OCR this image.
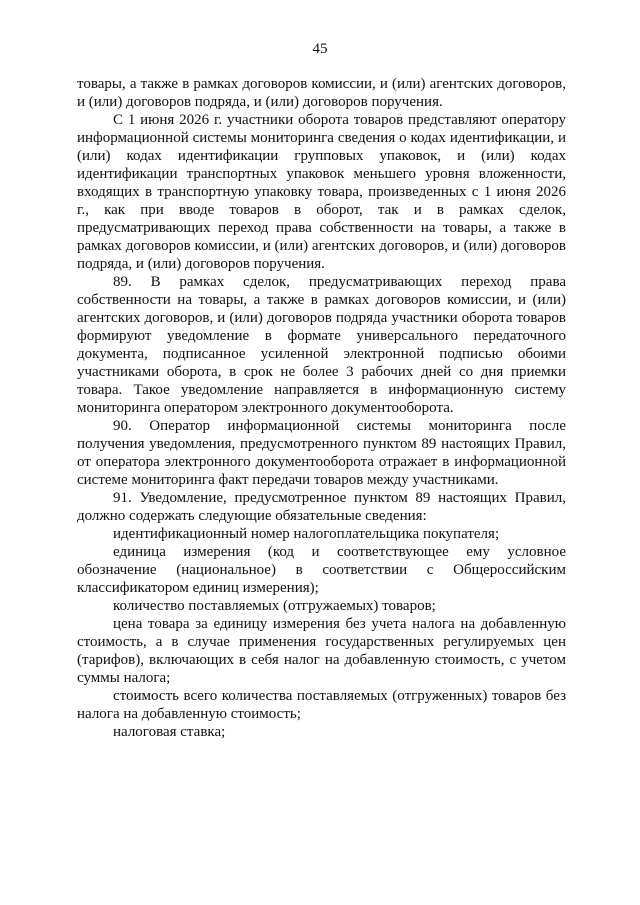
45

товары, а также в рамках договоров комиссии, и (или) агентских договоров, и (или) договоров подряда, и (или) договоров поручения.

С 1 июня 2026 г. участники оборота товаров представляют оператору информационной системы мониторинга сведения о кодах идентификации, и (или) кодах идентификации групповых упаковок, и (или) кодах идентификации транспортных упаковок меньшего уровня вложенности, входящих в транспортную упаковку товара, произведенных с 1 июня 2026 г., как при вводе товаров в оборот, так и в рамках сделок, предусматривающих переход права собственности на товары, а также в рамках договоров комиссии, и (или) агентских договоров, и (или) договоров подряда, и (или) договоров поручения.

89. В рамках сделок, предусматривающих переход права собственности на товары, а также в рамках договоров комиссии, и (или) агентских договоров, и (или) договоров подряда участники оборота товаров формируют уведомление в формате универсального передаточного документа, подписанное усиленной электронной подписью обоими участниками оборота, в срок не более 3 рабочих дней со дня приемки товара. Такое уведомление направляется в информационную систему мониторинга оператором электронного документооборота.

90. Оператор информационной системы мониторинга после получения уведомления, предусмотренного пунктом 89 настоящих Правил, от оператора электронного документооборота отражает в информационной системе мониторинга факт передачи товаров между участниками.

91. Уведомление, предусмотренное пунктом 89 настоящих Правил, должно содержать следующие обязательные сведения:

идентификационный номер налогоплательщика покупателя;

единица измерения (код и соответствующее ему условное обозначение (национальное) в соответствии с Общероссийским классификатором единиц измерения);

количество поставляемых (отгружаемых) товаров;

цена товара за единицу измерения без учета налога на добавленную стоимость, а в случае применения государственных регулируемых цен (тарифов), включающих в себя налог на добавленную стоимость, с учетом суммы налога;

стоимость всего количества поставляемых (отгруженных) товаров без налога на добавленную стоимость;

налоговая ставка;
